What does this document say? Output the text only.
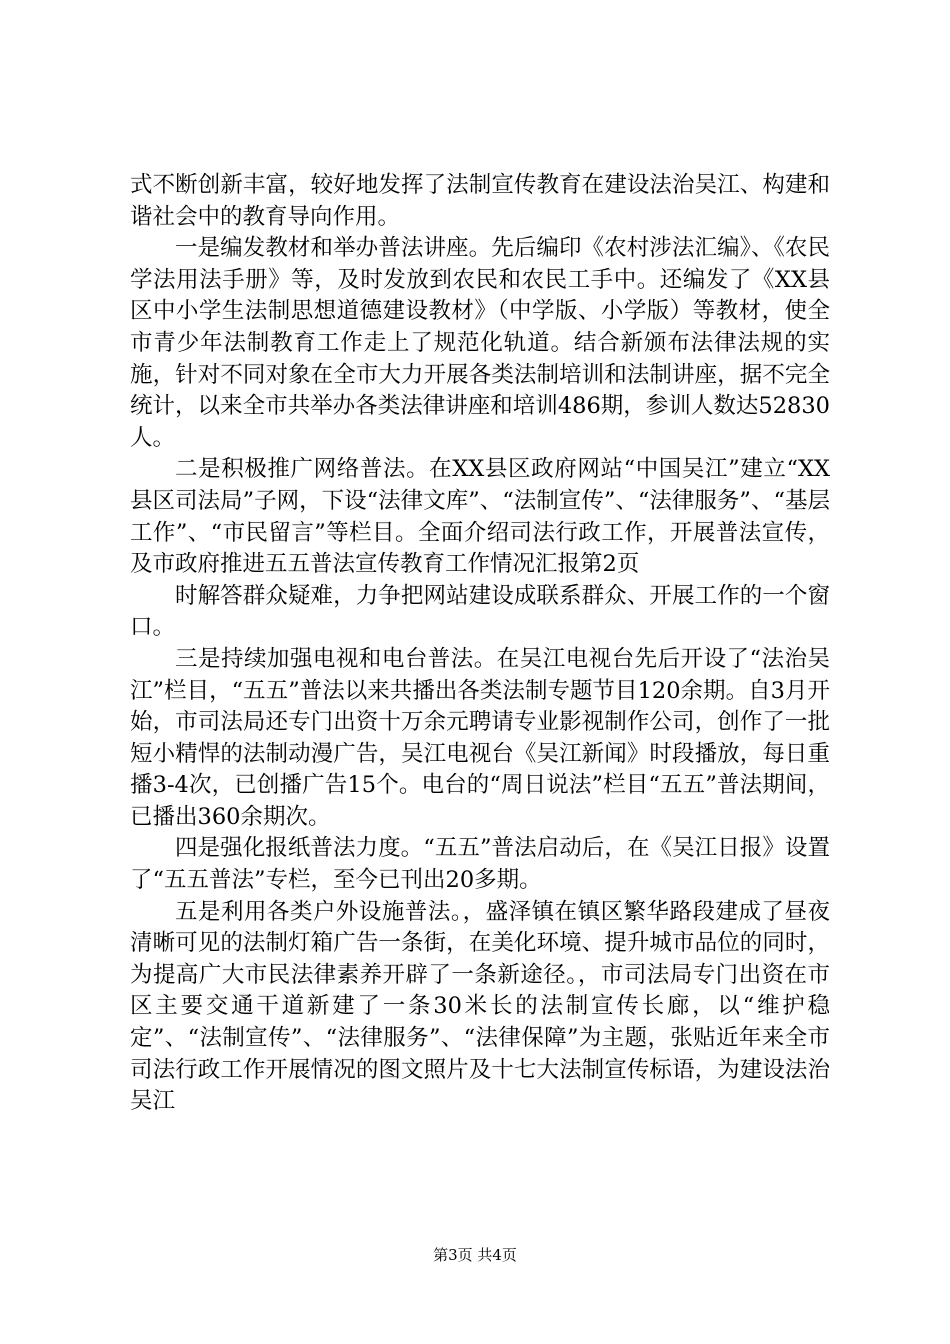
式不断创新丰富，较好地发挥了法制宣传教育在建设法治吴江、构建和谐社会中的教育导向作用。

一是编发教材和举办普法讲座。先后编印《农村涉法汇编》、《农民学法用法手册》等，及时发放到农民和农民工手中。还编发了《XX县区中小学生法制思想道德建设教材》（中学版、小学版）等教材，使全市青少年法制教育工作走上了规范化轨道。结合新颁布法律法规的实施，针对不同对象在全市大力开展各类法制培训和法制讲座，据不完全统计，以来全市共举办各类法律讲座和培训486期，参训人数达52830人。

二是积极推广网络普法。在XX县区政府网站“中国吴江”建立“XX县区司法局”子网，下设“法律文库”、“法制宣传”、“法律服务”、“基层工作”、“市民留言”等栏目。全面介绍司法行政工作，开展普法宣传，及市政府推进五五普法宣传教育工作情况汇报第2页

时解答群众疑难，力争把网站建设成联系群众、开展工作的一个窗口。

三是持续加强电视和电台普法。在吴江电视台先后开设了“法治吴江”栏目，“五五”普法以来共播出各类法制专题节目120余期。自3月开始，市司法局还专门出资十万余元聘请专业影视制作公司，创作了一批短小精悍的法制动漫广告，吴江电视台《吴江新闻》时段播放，每日重播3-4次，已创播广告15个。电台的“周日说法”栏目“五五”普法期间，已播出360余期次。

四是强化报纸普法力度。“五五”普法启动后，在《吴江日报》设置了“五五普法”专栏，至今已刊出20多期。

五是利用各类户外设施普法。，盛泽镇在镇区繁华路段建成了昼夜清晰可见的法制灯箱广告一条街，在美化环境、提升城市品位的同时，为提高广大市民法律素养开辟了一条新途径。，市司法局专门出资在市区主要交通干道新建了一条30米长的法制宣传长廊，以“维护稳定”、“法制宣传”、“法律服务”、“法律保障”为主题，张贴近年来全市司法行政工作开展情况的图文照片及十七大法制宣传标语，为建设法治吴江

第3页 共4页
